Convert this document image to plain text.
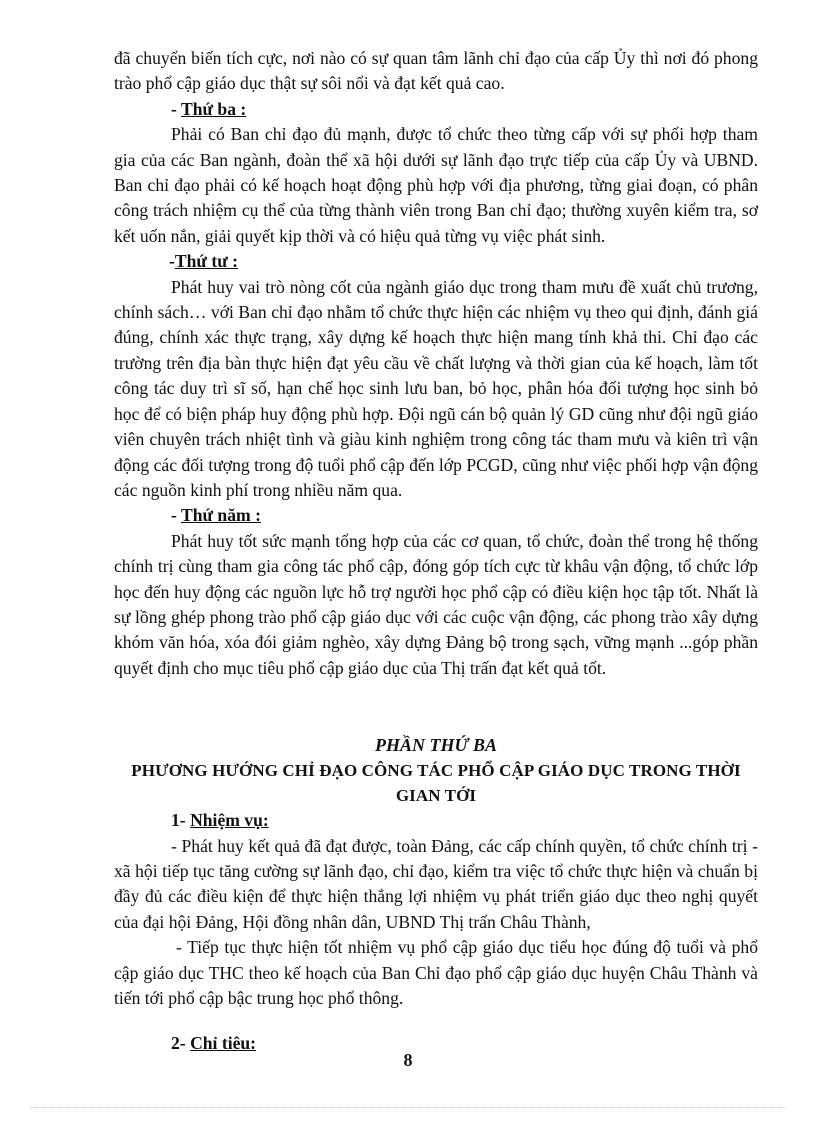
đã chuyển biến tích cực, nơi nào có sự quan tâm lãnh chỉ đạo của cấp Ủy thì nơi đó phong trào phổ cập giáo dục thật sự sôi nổi và đạt kết quả cao.

- Thứ ba :

Phải có Ban chỉ đạo đủ mạnh, được tổ chức theo từng cấp với sự phối hợp tham gia của các Ban ngành, đoàn thể xã hội dưới sự lãnh đạo trực tiếp của cấp Ủy và UBND. Ban chỉ đạo phải có kế hoạch hoạt động phù hợp với địa phương, từng giai đoạn, có phân công trách nhiệm cụ thể của từng thành viên trong Ban chỉ đạo; thường xuyên kiểm tra, sơ kết uốn nắn, giải quyết kịp thời và có hiệu quả từng vụ việc phát sinh.

-Thứ tư :

Phát huy vai trò nòng cốt của ngành giáo dục trong tham mưu đề xuất chủ trương, chính sách… với Ban chỉ đạo nhằm tổ chức thực hiện các nhiệm vụ theo qui định, đánh giá đúng, chính xác thực trạng, xây dựng kế hoạch thực hiện mang tính khả thi. Chỉ đạo các trường trên địa bàn thực hiện đạt yêu cầu về chất lượng và thời gian của kế hoạch, làm tốt công tác duy trì sĩ số, hạn chế học sinh lưu ban, bỏ học, phân hóa đối tượng học sinh bỏ học để có biện pháp huy động phù hợp. Đội ngũ cán bộ quản lý GD cũng như đội ngũ giáo viên chuyên trách nhiệt tình và giàu kinh nghiệm trong công tác tham mưu và kiên trì vận động các đối tượng trong độ tuổi phổ cập đến lớp PCGD, cũng như việc phối hợp vận động các nguồn kinh phí trong nhiều năm qua.

- Thứ năm :

Phát huy tốt sức mạnh tổng hợp của các cơ quan, tổ chức, đoàn thể trong hệ thống chính trị cùng tham gia công tác phổ cập, đóng góp tích cực từ khâu vận động, tổ chức lớp học đến huy động các nguồn lực hỗ trợ người học phổ cập có điều kiện học tập tốt. Nhất là sự lồng ghép phong trào phổ cập giáo dục với các cuộc vận động, các phong trào xây dựng khóm văn hóa, xóa đói giảm nghèo, xây dựng Đảng bộ trong sạch, vững mạnh ...góp phần quyết định cho mục tiêu phổ cập giáo dục của Thị trấn đạt kết quả tốt.

PHẦN THỨ BA
PHƯƠNG HƯỚNG CHỈ ĐẠO CÔNG TÁC PHỔ CẬP GIÁO DỤC TRONG THỜI GIAN TỚI

1- Nhiệm vụ:

- Phát huy kết quả đã đạt được, toàn Đảng, các cấp chính quyền, tổ chức chính trị - xã hội tiếp tục tăng cường sự lãnh đạo, chỉ đạo, kiểm tra việc tổ chức thực hiện và chuẩn bị đầy đủ các điều kiện để thực hiện thắng lợi nhiệm vụ phát triển giáo dục theo nghị quyết của đại hội Đảng, Hội đồng nhân dân, UBND Thị trấn Châu Thành,

- Tiếp tục thực hiện tốt nhiệm vụ phổ cập giáo dục tiểu học đúng độ tuổi và phổ cập giáo dục THC theo kế hoạch của Ban Chỉ đạo phổ cập giáo dục huyện Châu Thành và tiến tới phổ cập bậc trung học phổ thông.

2- Chỉ tiêu:

8
